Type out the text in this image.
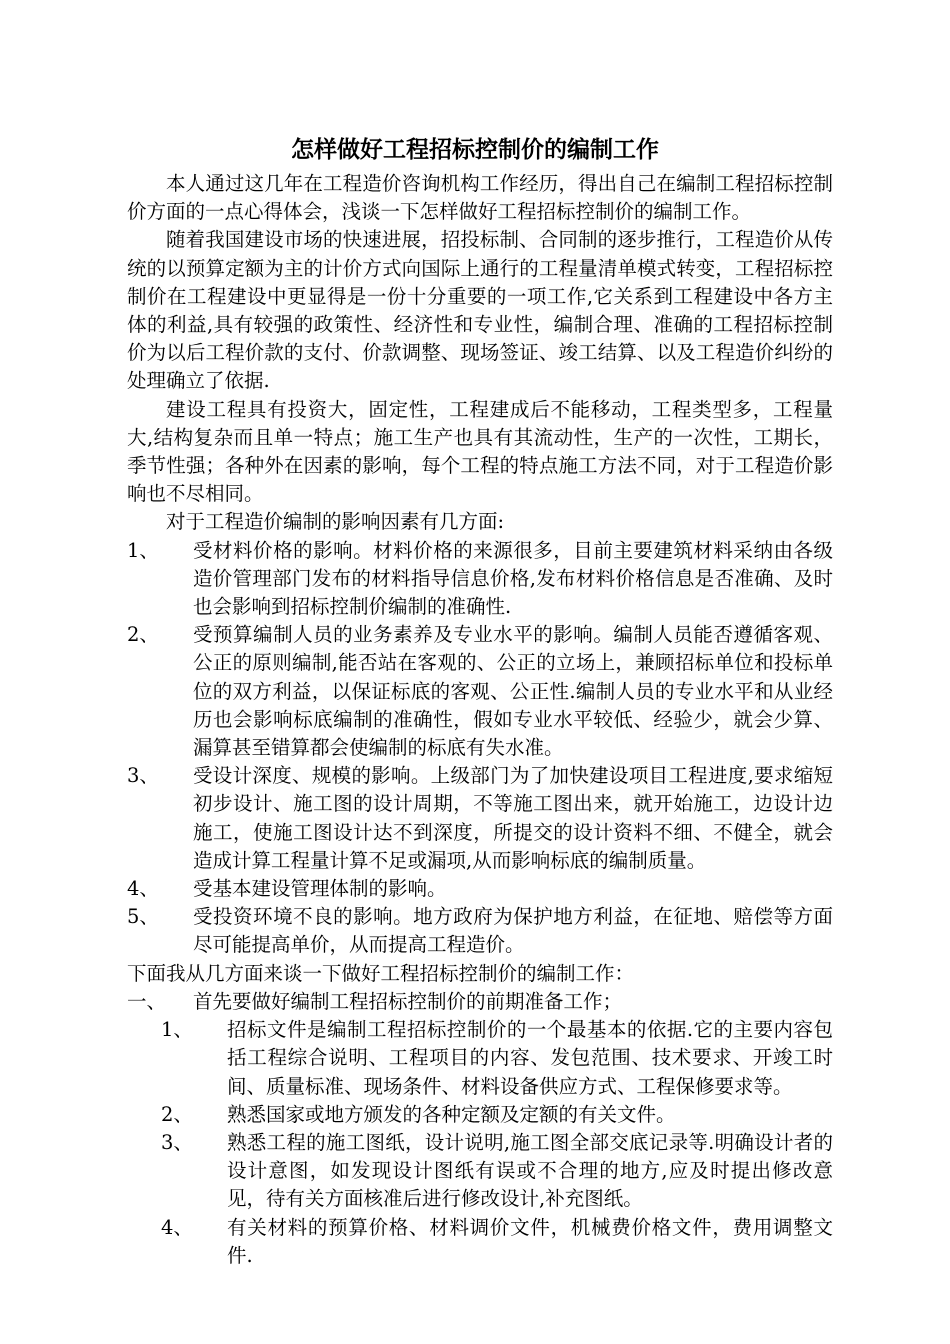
怎样做好工程招标控制价的编制工作

本人通过这几年在工程造价咨询机构工作经历，得出自己在编制工程招标控制价方面的一点心得体会，浅谈一下怎样做好工程招标控制价的编制工作。

随着我国建设市场的快速进展，招投标制、合同制的逐步推行，工程造价从传统的以预算定额为主的计价方式向国际上通行的工程量清单模式转变，工程招标控制价在工程建设中更显得是一份十分重要的一项工作,它关系到工程建设中各方主体的利益,具有较强的政策性、经济性和专业性，编制合理、准确的工程招标控制价为以后工程价款的支付、价款调整、现场签证、竣工结算、以及工程造价纠纷的处理确立了依据.

建设工程具有投资大，固定性，工程建成后不能移动，工程类型多，工程量大,结构复杂而且单一特点；施工生产也具有其流动性，生产的一次性，工期长，季节性强；各种外在因素的影响，每个工程的特点施工方法不同，对于工程造价影响也不尽相同。

对于工程造价编制的影响因素有几方面:

1、	受材料价格的影响。材料价格的来源很多，目前主要建筑材料采纳由各级造价管理部门发布的材料指导信息价格,发布材料价格信息是否准确、及时也会影响到招标控制价编制的准确性.
2、	受预算编制人员的业务素养及专业水平的影响。编制人员能否遵循客观、公正的原则编制,能否站在客观的、公正的立场上，兼顾招标单位和投标单位的双方利益，以保证标底的客观、公正性.编制人员的专业水平和从业经历也会影响标底编制的准确性，假如专业水平较低、经验少，就会少算、漏算甚至错算都会使编制的标底有失水准。
3、	受设计深度、规模的影响。上级部门为了加快建设项目工程进度,要求缩短初步设计、施工图的设计周期，不等施工图出来，就开始施工，边设计边施工，使施工图设计达不到深度，所提交的设计资料不细、不健全，就会造成计算工程量计算不足或漏项,从而影响标底的编制质量。
4、	受基本建设管理体制的影响。
5、	受投资环境不良的影响。地方政府为保护地方利益，在征地、赔偿等方面尽可能提高单价，从而提高工程造价。

下面我从几方面来谈一下做好工程招标控制价的编制工作：

一、	首先要做好编制工程招标控制价的前期准备工作；
1、	招标文件是编制工程招标控制价的一个最基本的依据.它的主要内容包括工程综合说明、工程项目的内容、发包范围、技术要求、开竣工时间、质量标准、现场条件、材料设备供应方式、工程保修要求等。
2、	熟悉国家或地方颁发的各种定额及定额的有关文件。
3、	熟悉工程的施工图纸，设计说明,施工图全部交底记录等.明确设计者的设计意图，如发现设计图纸有误或不合理的地方,应及时提出修改意见，待有关方面核准后进行修改设计,补充图纸。
4、	有关材料的预算价格、材料调价文件，机械费价格文件，费用调整文件.
